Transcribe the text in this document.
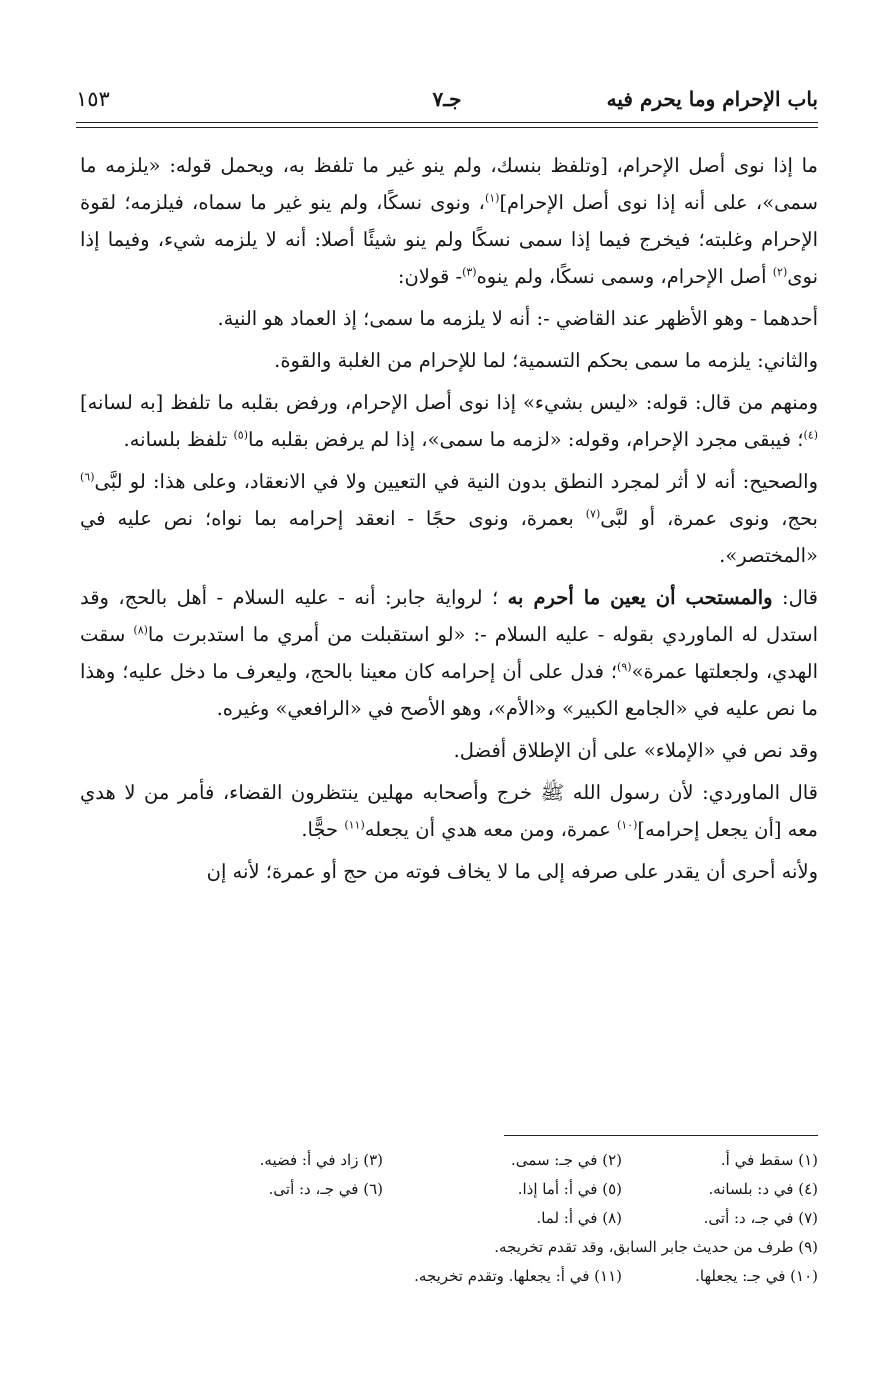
باب الإحرام وما يحرم فيه
جـ٧
١٥٣

ما إذا نوى أصل الإحرام، [وتلفظ بنسك، ولم ينو غير ما تلفظ به، ويحمل قوله: «يلزمه ما سمى»، على أنه إذا نوى أصل الإحرام]$^{(١)}$، ونوى نسكًا، ولم ينو غير ما سماه، فيلزمه؛ لقوة الإحرام وغلبته؛ فيخرج فيما إذا سمى نسكًا ولم ينو شيئًا أصلا: أنه لا يلزمه شيء، وفيما إذا نوى$^{(٢)}$ أصل الإحرام، وسمى نسكًا، ولم ينوه$^{(٣)}$- قولان:

أحدهما - وهو الأظهر عند القاضي -: أنه لا يلزمه ما سمى؛ إذ العماد هو النية.

والثاني: يلزمه ما سمى بحكم التسمية؛ لما للإحرام من الغلبة والقوة.

ومنهم من قال: قوله: «ليس بشيء» إذا نوى أصل الإحرام، ورفض بقلبه ما تلفظ [به لسانه]$^{(٤)}$؛ فيبقى مجرد الإحرام، وقوله: «لزمه ما سمى»، إذا لم يرفض بقلبه ما$^{(٥)}$ تلفظ بلسانه.

والصحيح: أنه لا أثر لمجرد النطق بدون النية في التعيين ولا في الانعقاد، وعلى هذا: لو لبَّى$^{(٦)}$ بحج، ونوى عمرة، أو لبَّى$^{(٧)}$ بعمرة، ونوى حجًا - انعقد إحرامه بما نواه؛ نص عليه في «المختصر».

قال: والمستحب أن يعين ما أحرم به ؛ لرواية جابر: أنه - عليه السلام - أهل بالحج، وقد استدل له الماوردي بقوله - عليه السلام -: «لو استقبلت من أمري ما استدبرت ما$^{(٨)}$ سقت الهدي، ولجعلتها عمرة»$^{(٩)}$؛ فدل على أن إحرامه كان معينا بالحج، وليعرف ما دخل عليه؛ وهذا ما نص عليه في «الجامع الكبير» و«الأم»، وهو الأصح في «الرافعي» وغيره.

وقد نص في «الإملاء» على أن الإطلاق أفضل.

قال الماوردي: لأن رسول الله ﷺ خرج وأصحابه مهلين ينتظرون القضاء، فأمر من لا هدي معه [أن يجعل إحرامه]$^{(١٠)}$ عمرة، ومن معه هدي أن يجعله$^{(١١)}$ حجًّا.

ولأنه أحرى أن يقدر على صرفه إلى ما لا يخاف فوته من حج أو عمرة؛ لأنه إن

(١) سقط في أ.
(٢) في جـ: سمى.
(٣) زاد في أ: فضيه.
(٤) في د: بلسانه.
(٥) في أ: أما إذا.
(٦) في جـ، د: أتى.
(٧) في جـ، د: أتى.
(٨) في أ: لما.
(٩) طرف من حديث جابر السابق، وقد تقدم تخريجه.
(١٠) في جـ: يجعلها.
(١١) في أ: يجعلها. وتقدم تخريجه.
